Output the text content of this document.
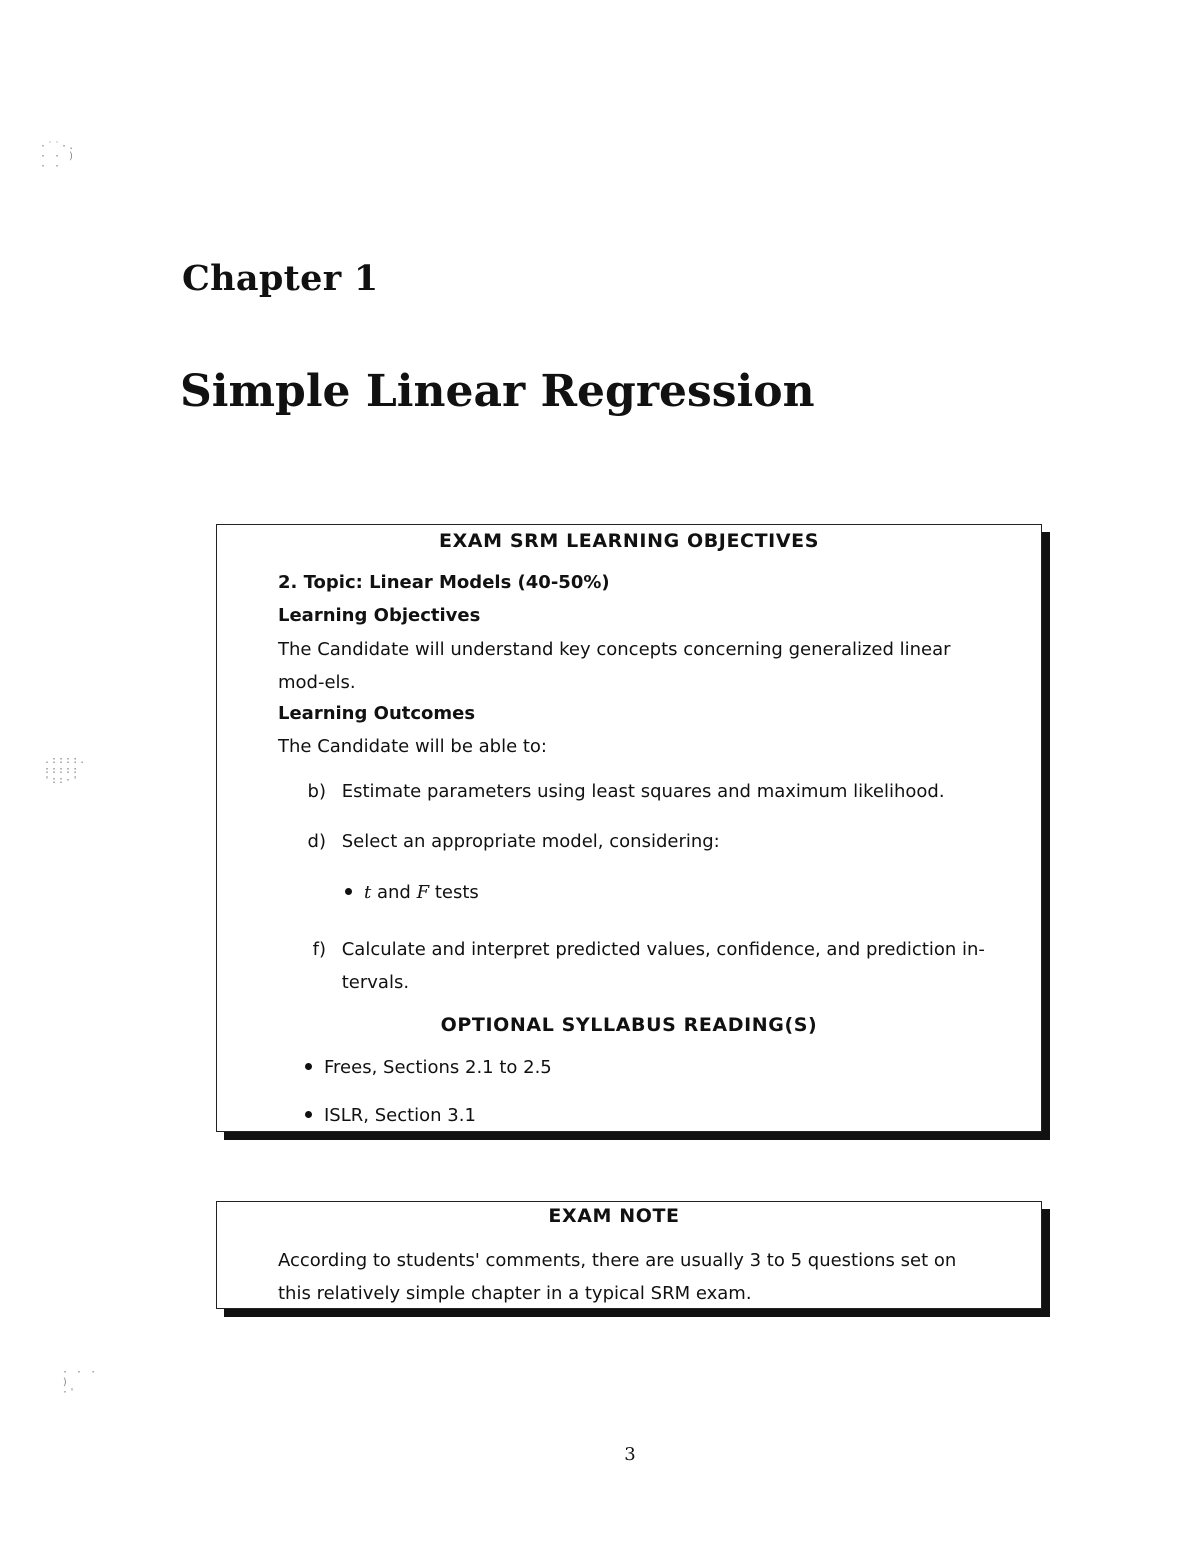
·˙˙·.
· · )
· ·
.::::.
:::::
'::·'
· · ·
)
·'
Chapter 1
Simple Linear Regression
EXAM SRM LEARNING OBJECTIVES
2. Topic: Linear Models (40-50%)
Learning Objectives
The Candidate will understand key concepts concerning generalized linear mod-els.
Learning Outcomes
The Candidate will be able to:
b) Estimate parameters using least squares and maximum likelihood.
d) Select an appropriate model, considering:
t and F tests
f) Calculate and interpret predicted values, confidence, and prediction in-tervals.
OPTIONAL SYLLABUS READING(S)
Frees, Sections 2.1 to 2.5
ISLR, Section 3.1
EXAM NOTE
According to students' comments, there are usually 3 to 5 questions set on this relatively simple chapter in a typical SRM exam.
3
